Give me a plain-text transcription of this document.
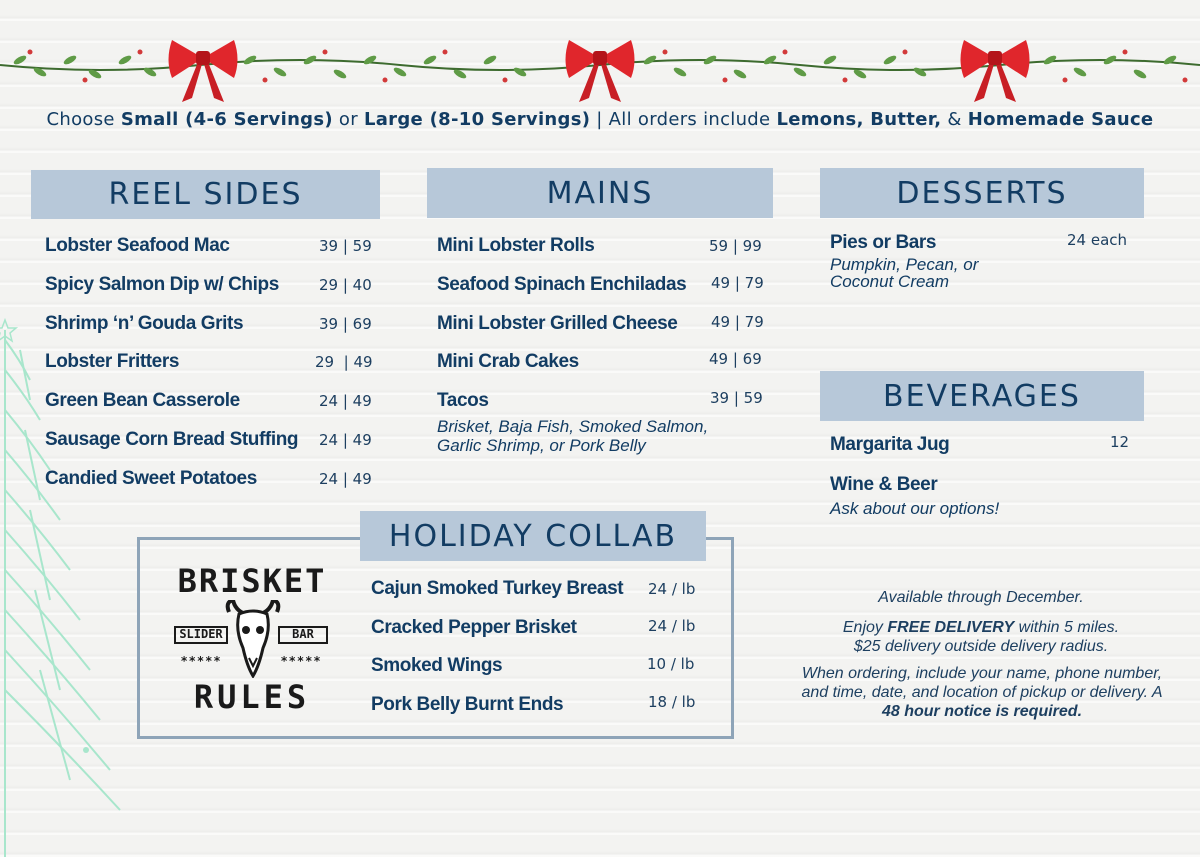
Choose Small (4-6 Servings) or Large (8-10 Servings) | All orders include Lemons, Butter, & Homemade Sauce
REEL SIDES
Lobster Seafood Mac	39 | 59
Spicy Salmon Dip w/ Chips	29 | 40
Shrimp ‘n’ Gouda Grits	39 | 69
Lobster Fritters	29  | 49
Green Bean Casserole	24 | 49
Sausage Corn Bread Stuffing 24 | 49
Candied Sweet Potatoes	24 | 49
MAINS
Mini Lobster Rolls	59 | 99
Seafood Spinach Enchiladas 49 | 79
Mini Lobster Grilled Cheese 49 | 79
Mini Crab Cakes	49 | 69
Tacos	39 | 59
Brisket, Baja Fish, Smoked Salmon,
Garlic Shrimp, or Pork Belly
DESSERTS
Pies or Bars	24 each
Pumpkin, Pecan, or
Coconut Cream
BEVERAGES
Margarita Jug	12
Wine & Beer
Ask about our options!
HOLIDAY COLLAB
BRISKET
SLIDER	BAR
*****	*****
RULES
Cajun Smoked Turkey Breast 24 / lb
Cracked Pepper Brisket	24 / lb
Smoked Wings	10 / lb
Pork Belly Burnt Ends	18 / lb
Available through December.
Enjoy FREE DELIVERY within 5 miles.
$25 delivery outside delivery radius.
When ordering, include your name, phone number, and time, date, and location of pickup or delivery. A
48 hour notice is required.
